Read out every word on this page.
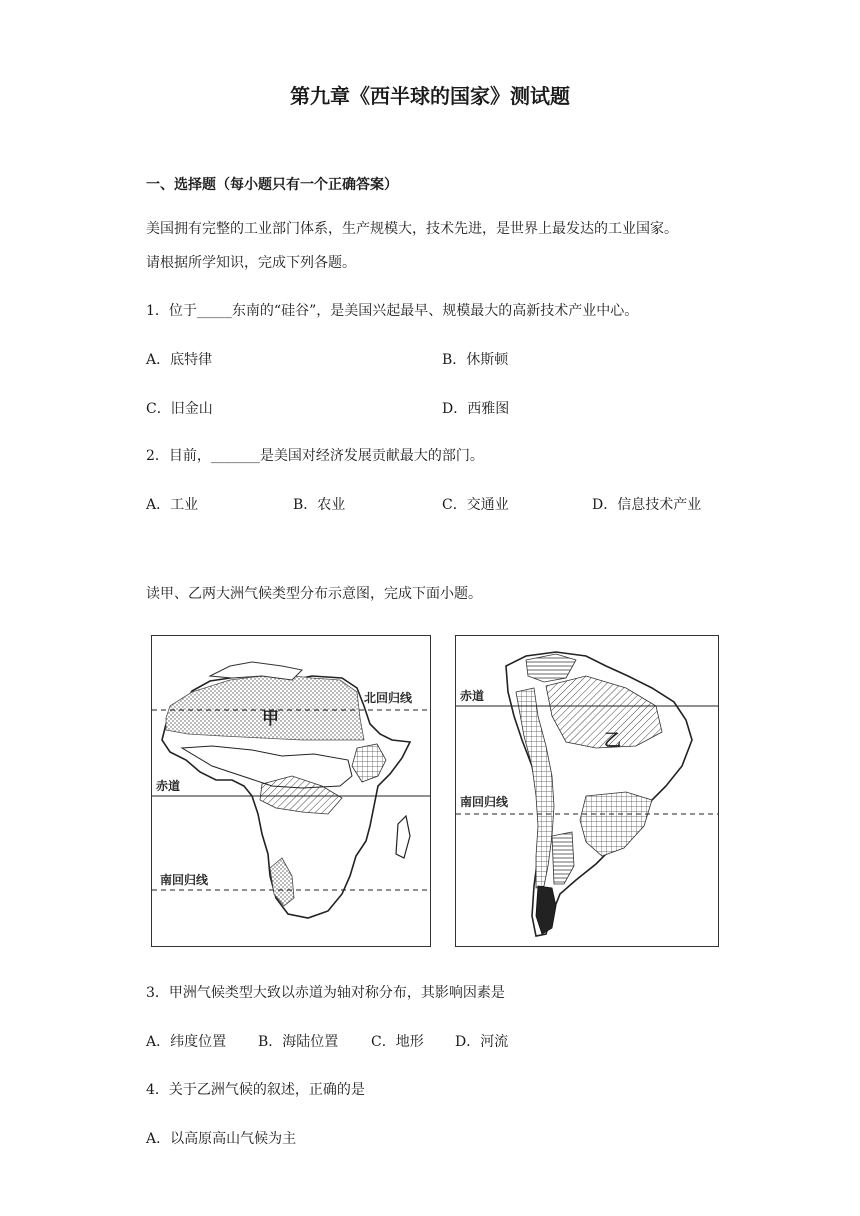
第九章《西半球的国家》测试题
一、选择题（每小题只有一个正确答案）
美国拥有完整的工业部门体系，生产规模大，技术先进，是世界上最发达的工业国家。
请根据所学知识，完成下列各题。
1．位于_____东南的“硅谷”，是美国兴起最早、规模最大的高新技术产业中心。
A．底特律	B．休斯顿
C．旧金山	D．西雅图
2．目前，_______是美国对经济发展贡献最大的部门。
A．工业	B．农业	C．交通业	D．信息技术产业
读甲、乙两大洲气候类型分布示意图，完成下面小题。
北回归线
赤道
南回归线
甲
赤道
南回归线
乙
3．甲洲气候类型大致以赤道为轴对称分布，其影响因素是
A．纬度位置 B．海陆位置 C．地形 D．河流
4．关于乙洲气候的叙述，正确的是
A．以高原高山气候为主
